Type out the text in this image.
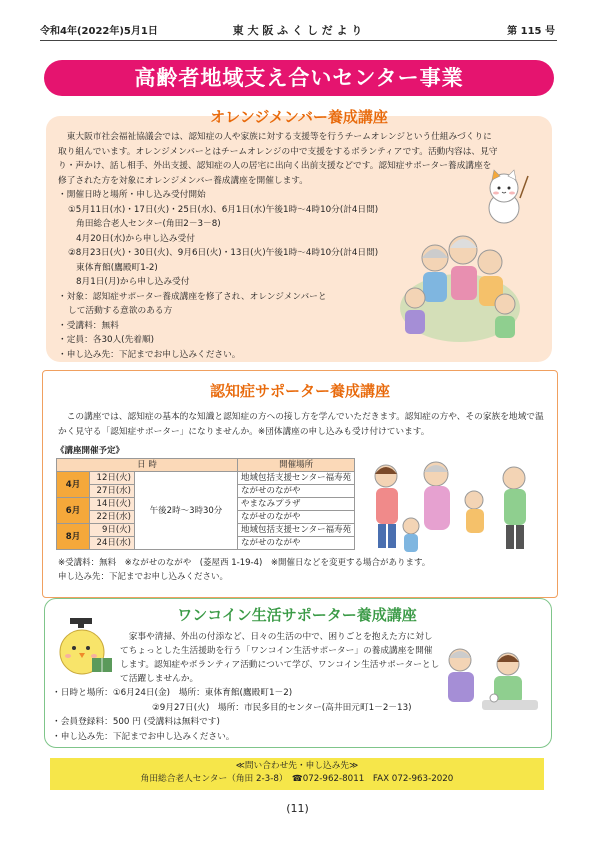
令和4年(2022年)5月1日	東 大 阪 ふ く し だ よ り	第 115 号
高齢者地域支え合いセンター事業
オレンジメンバー養成講座

東大阪市社会福祉協議会では、認知症の人や家族に対する支援等を行うチームオレンジという仕組みづくりに取り組んでいます。オレンジメンバーとはチームオレンジの中で支援をするボランティアです。活動内容は、見守り・声かけ、話し相手、外出支援、認知症の人の居宅に出向く出前支援などです。認知症サポーター養成講座を修了された方を対象にオレンジメンバー養成講座を開催します。

・開催日時と場所・申し込み受付開始
①5月11日(水)・17日(火)・25日(水)、6月1日(水)午後1時～4時10分(計4日間)
角田総合老人センター(角田2－3－8)
4月20日(水)から申し込み受付
②8月23日(火)・30日(火)、9月6日(火)・13日(火)午後1時～4時10分(計4日間)
東体育館(鷹殿町1-2)
8月1日(月)から申し込み受付
・対象：認知症サポーター養成講座を修了され、オレンジメンバーと
して活動する意欲のある方
・受講料：無料
・定員：各30人(先着順)
・申し込み先：下記までお申し込みください。
認知症サポーター養成講座
この講座では、認知症の基本的な知識と認知症の方への接し方を学んでいただきます。認知症の方や、その家族を地域で温かく見守る「認知症サポーター」になりませんか。※団体講座の申し込みも受け付けています。
《講座開催予定》
日 時			開催場所
4月	12日(火)	午後2時～3時30分	地域包括支援センター福寿苑
	27日(水)		ながせのながや
6月	14日(火)		やまなみプラザ
	22日(水)		ながせのながや
8月	9日(火)		地域包括支援センター福寿苑
	24日(水)		ながせのながや
※受講料：無料　※ながせのながや　(菱屋西 1-19-4)　※開催日などを変更する場合があります。
申し込み先：下記までお申し込みください。
ワンコイン生活サポーター養成講座

家事や清掃、外出の付添など、日々の生活の中で、困りごとを抱えた方に対してちょっとした生活援助を行う「ワンコイン生活サポーター」の養成講座を開催します。認知症やボランティア活動について学び、ワンコイン生活サポーターとして活躍しませんか。

・日時と場所：①6月24日(金)　場所：東体育館(鷹殿町1－2)
②9月27日(火)　場所：市民多目的センター(高井田元町1－2－13)
・会員登録料：500 円 (受講料は無料です)
・申し込み先：下記までお申し込みください。
≪問い合わせ先・申し込み先≫
角田総合老人センター（角田 2-3-8）　☎072-962-8011　FAX 072-963-2020
(11)
